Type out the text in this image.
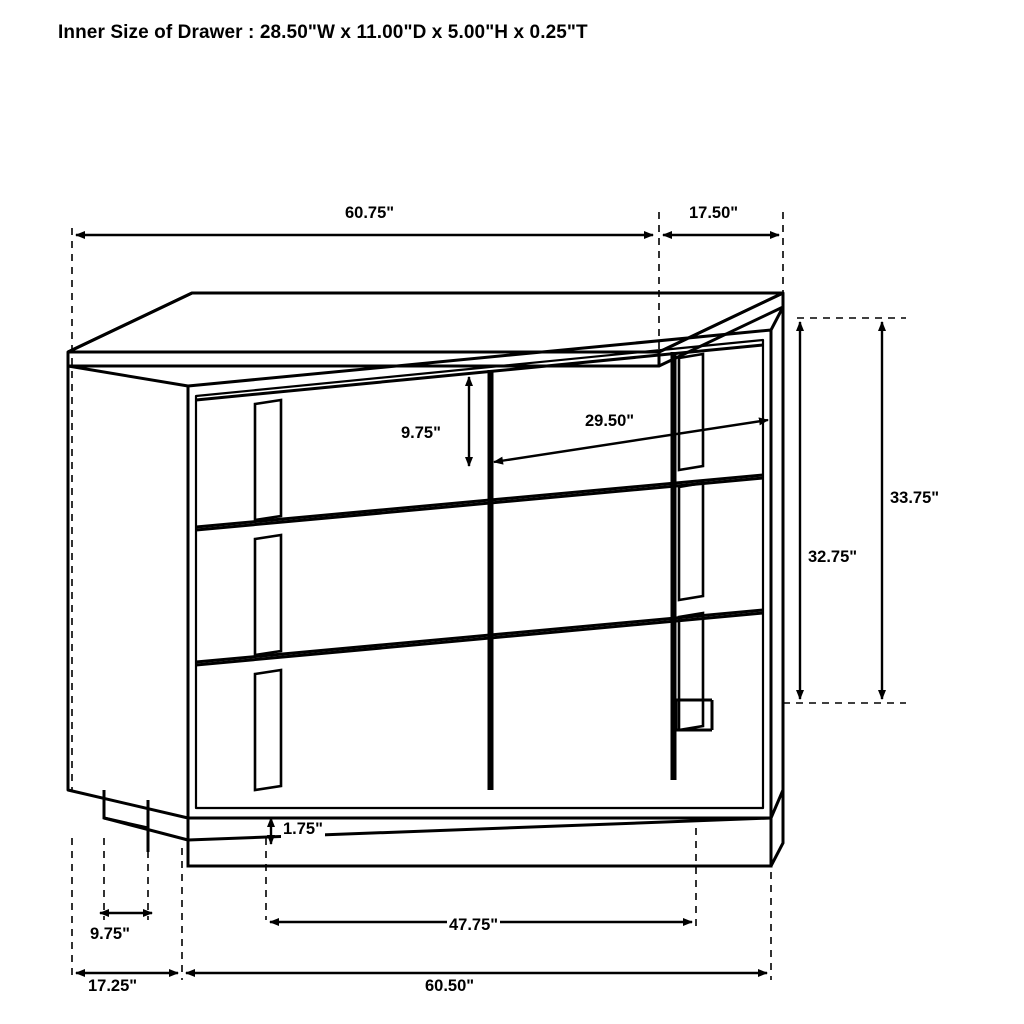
Inner Size of Drawer : 28.50"W x 11.00"D x 5.00"H x 0.25"T
60.75"	17.50"
9.75"
29.50"
33.75"
32.75"
1.75"
9.75"	47.75"
17.25"	60.50"
